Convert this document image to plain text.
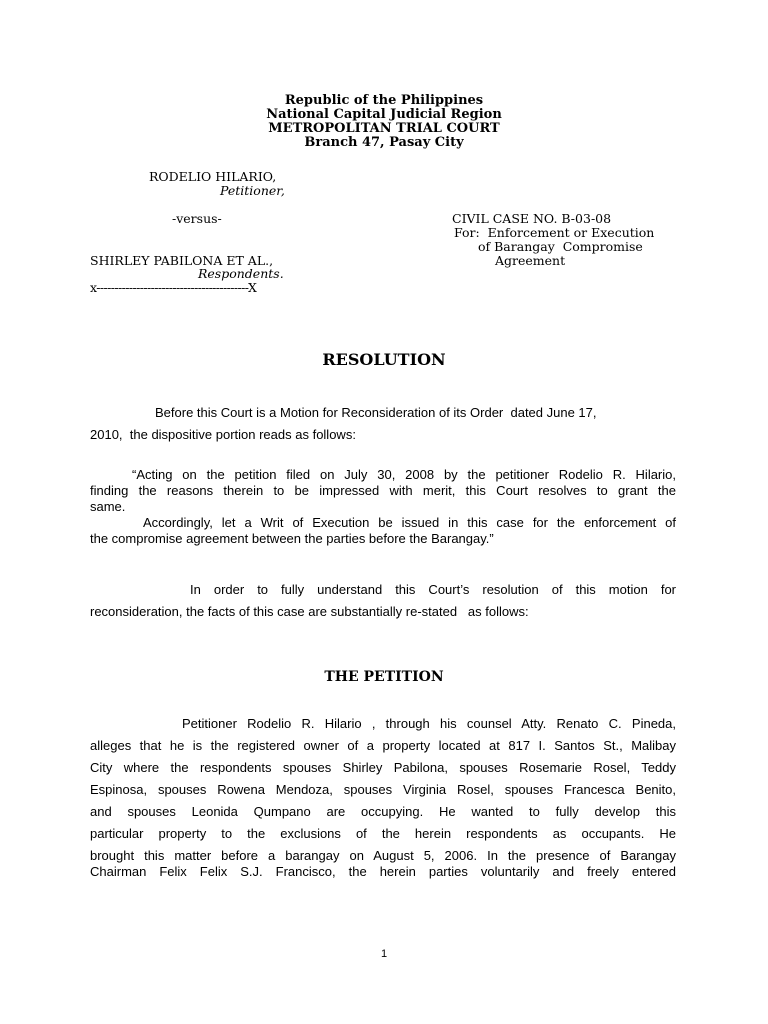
Republic of the Philippines
National Capital Judicial Region
METROPOLITAN TRIAL COURT
Branch 47, Pasay City
RODELIO HILARIO,
Petitioner,
-versus-	CIVIL CASE NO. B-03-08
For:  Enforcement or Execution
of Barangay  Compromise
Agreement
SHIRLEY PABILONA ET AL.,
Respondents.
x------------------------------------------X
RESOLUTION
Before this Court is a Motion for Reconsideration of its Order  dated June 17,
2010,  the dispositive portion reads as follows:
“Acting on the petition filed on July 30, 2008 by the petitioner Rodelio R. Hilario,
finding the reasons therein to be impressed with merit, this Court resolves to grant the
same.
Accordingly, let a Writ of Execution be issued in this case for the enforcement of
the compromise agreement between the parties before the Barangay.”
In order to fully understand this Court’s resolution of this motion for
reconsideration, the facts of this case are substantially re-stated   as follows:
THE PETITION
Petitioner Rodelio R. Hilario , through his counsel Atty. Renato C. Pineda,
alleges that he is the registered owner of a property located at 817 I. Santos St., Malibay
City where the respondents spouses Shirley Pabilona, spouses Rosemarie Rosel, Teddy
Espinosa, spouses Rowena Mendoza, spouses Virginia Rosel, spouses Francesca Benito,
and spouses Leonida Qumpano are occupying. He wanted to fully develop this
particular property to the exclusions of the herein respondents as occupants. He
brought this matter before a barangay on August 5, 2006. In the presence of Barangay
Chairman Felix Felix S.J. Francisco, the herein parties voluntarily and freely entered
1
